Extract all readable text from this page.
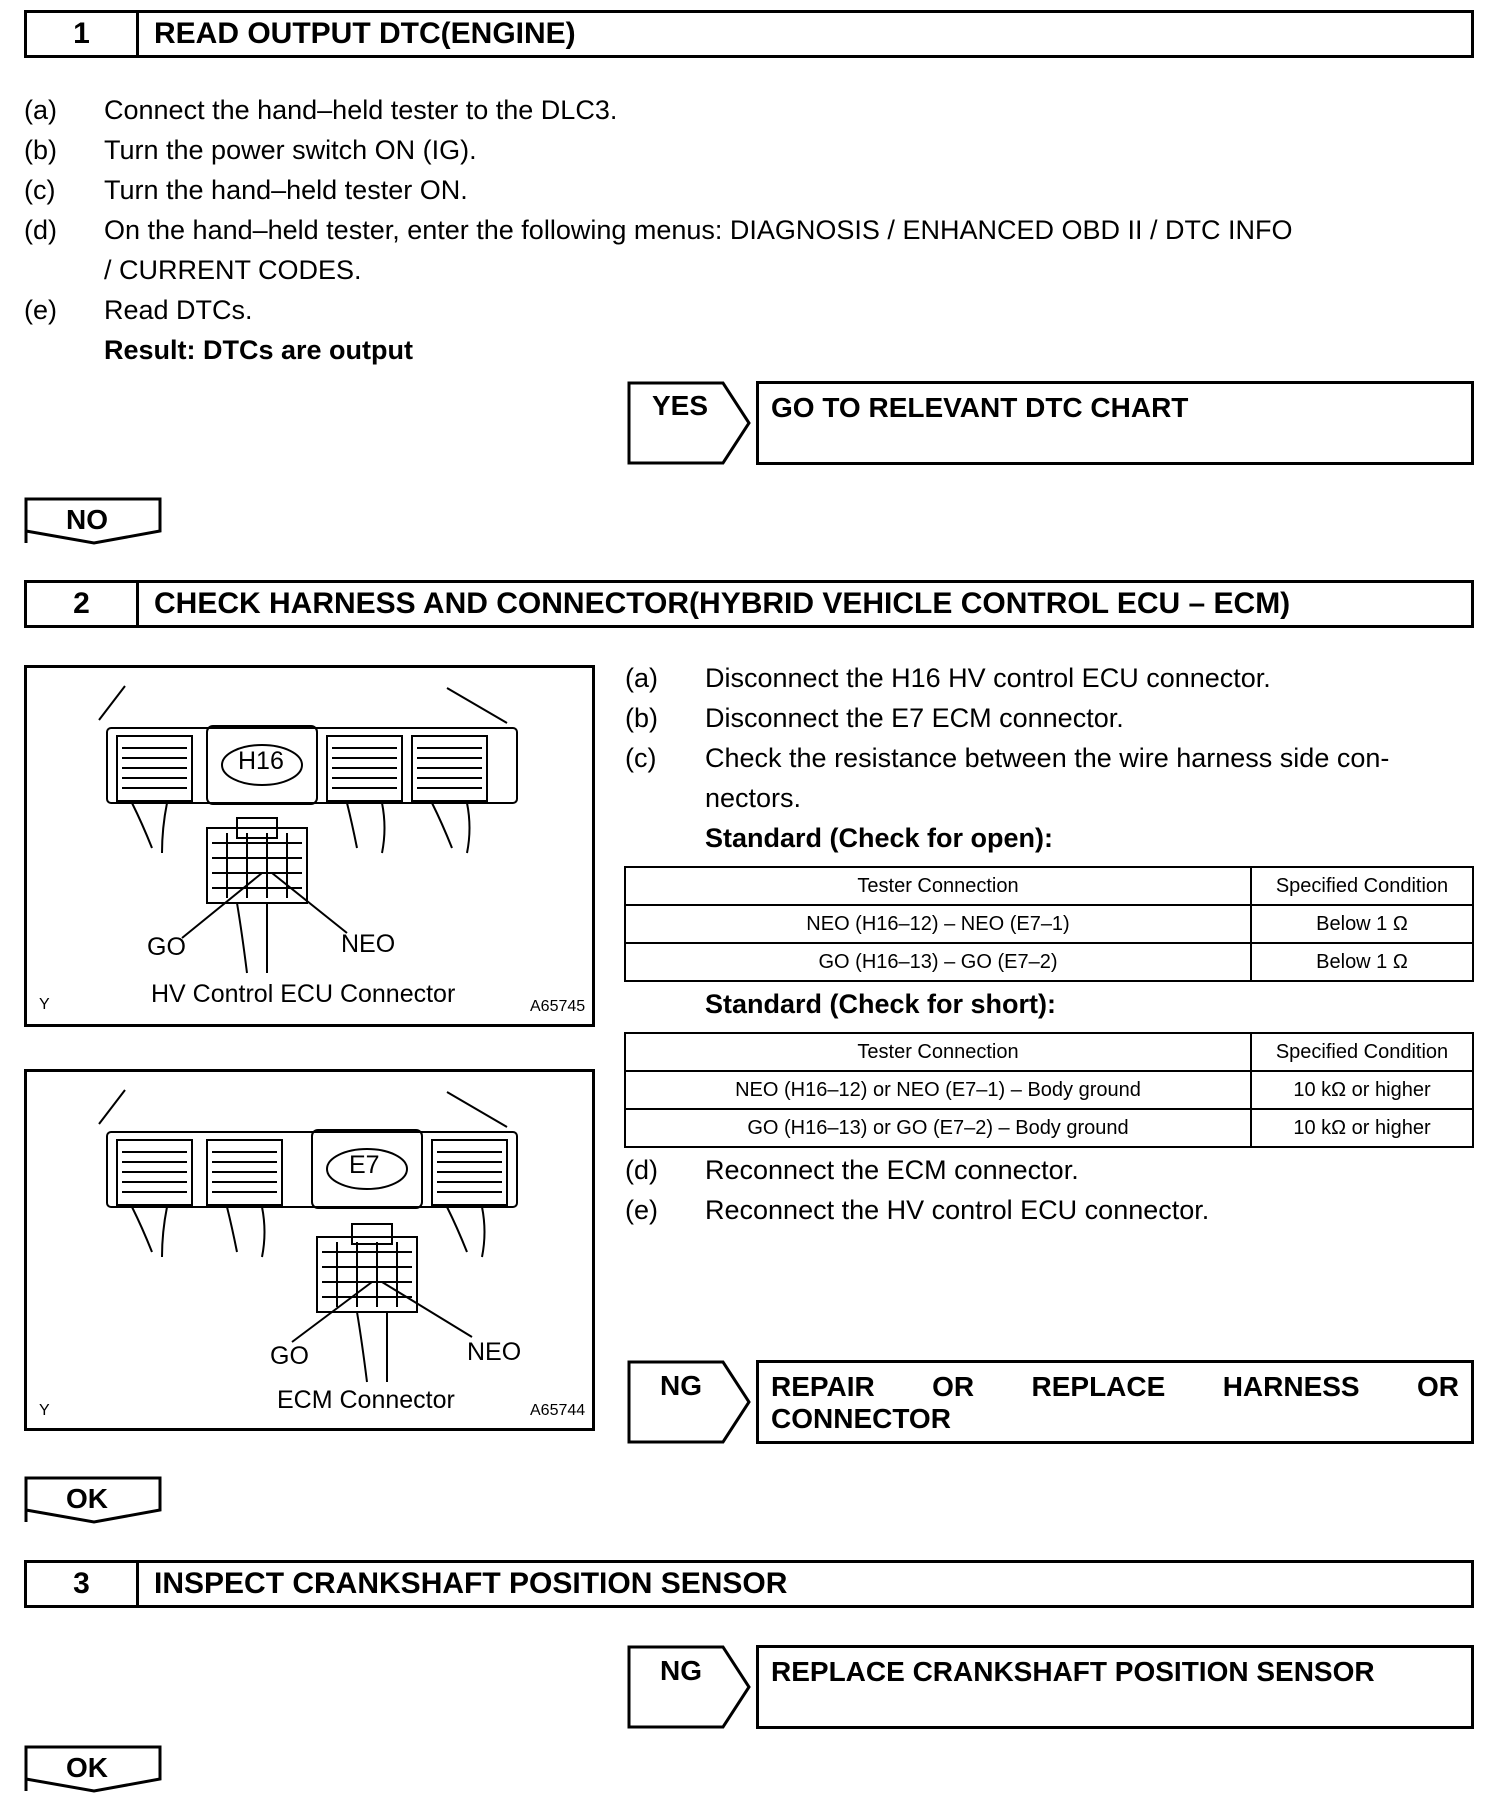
1	READ OUTPUT DTC(ENGINE)
(a) Connect the hand–held tester to the DLC3.
(b) Turn the power switch ON (IG).
(c) Turn the hand–held tester ON.
(d) On the hand–held tester, enter the following menus: DIAGNOSIS / ENHANCED OBD II / DTC INFO
/ CURRENT CODES.
(e) Read DTCs.
Result: DTCs are output
YES	GO TO RELEVANT DTC CHART
NO
2	CHECK HARNESS AND CONNECTOR(HYBRID VEHICLE CONTROL ECU – ECM)
H16
GO	NEO
HV Control ECU Connector
Y	A65745
E7
GO	NEO
ECM Connector
Y	A65744
(a) Disconnect the H16 HV control ECU connector.
(b) Disconnect the E7 ECM connector.
(c) Check the resistance between the wire harness side con-
nectors.
Standard (Check for open):
Tester Connection	Specified Condition
NEO (H16–12) – NEO (E7–1)	Below 1 Ω
GO (H16–13) – GO (E7–2)	Below 1 Ω
Standard (Check for short):
Tester Connection	Specified Condition
NEO (H16–12) or NEO (E7–1) – Body ground	10 kΩ or higher
GO (H16–13) or GO (E7–2) – Body ground	10 kΩ or higher
(d) Reconnect the ECM connector.
(e) Reconnect the HV control ECU connector.
NG REPAIR OR REPLACE HARNESS OR
CONNECTOR
OK
3	INSPECT CRANKSHAFT POSITION SENSOR
NG	REPLACE CRANKSHAFT POSITION SENSOR
OK
